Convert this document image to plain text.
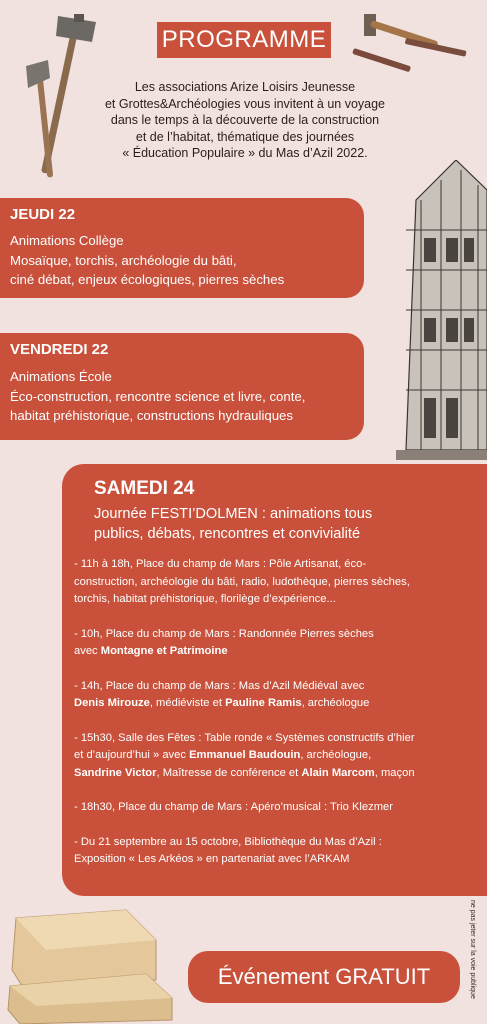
PROGRAMME
Les associations Arize Loisirs Jeunesse
et Grottes&Archéologies vous invitent à un voyage
dans le temps à la découverte de la construction
et de l’habitat, thématique des journées
« Éducation Populaire » du Mas d’Azil 2022.
JEUDI 22

Animations Collège

Mosaïque, torchis, archéologie du bâti,

ciné débat, enjeux écologiques, pierres sèches

VENDREDI 22

Animations École

Éco-construction, rencontre science et livre, conte,

habitat préhistorique, constructions hydrauliques

SAMEDI 24
Journée FESTI’DOLMEN : animations tous
publics, débats, rencontres et convivialité
- 11h à 18h, Place du champ de Mars : Pôle Artisanat, éco-
construction, archéologie du bâti, radio, ludothèque, pierres sèches,
torchis, habitat préhistorique, florilège d’expérience...
- 10h, Place du champ de Mars : Randonnée Pierres sèches
avec Montagne et Patrimoine
- 14h, Place du champ de Mars : Mas d’Azil Médiéval avec
Denis Mirouze, médiéviste et Pauline Ramis, archéologue
- 15h30, Salle des Fêtes : Table ronde « Systèmes constructifs d’hier
et d’aujourd’hui » avec Emmanuel Baudouin, archéologue,
Sandrine Victor, Maîtresse de conférence et Alain Marcom, maçon
- 18h30, Place du champ de Mars : Apéro’musical : Trio Klezmer
- Du 21 septembre au 15 octobre, Bibliothèque du Mas d’Azil :
Exposition « Les Arkéos » en partenariat avec l’ARKAM
Événement GRATUIT	ne pas jeter sur la voie publique
